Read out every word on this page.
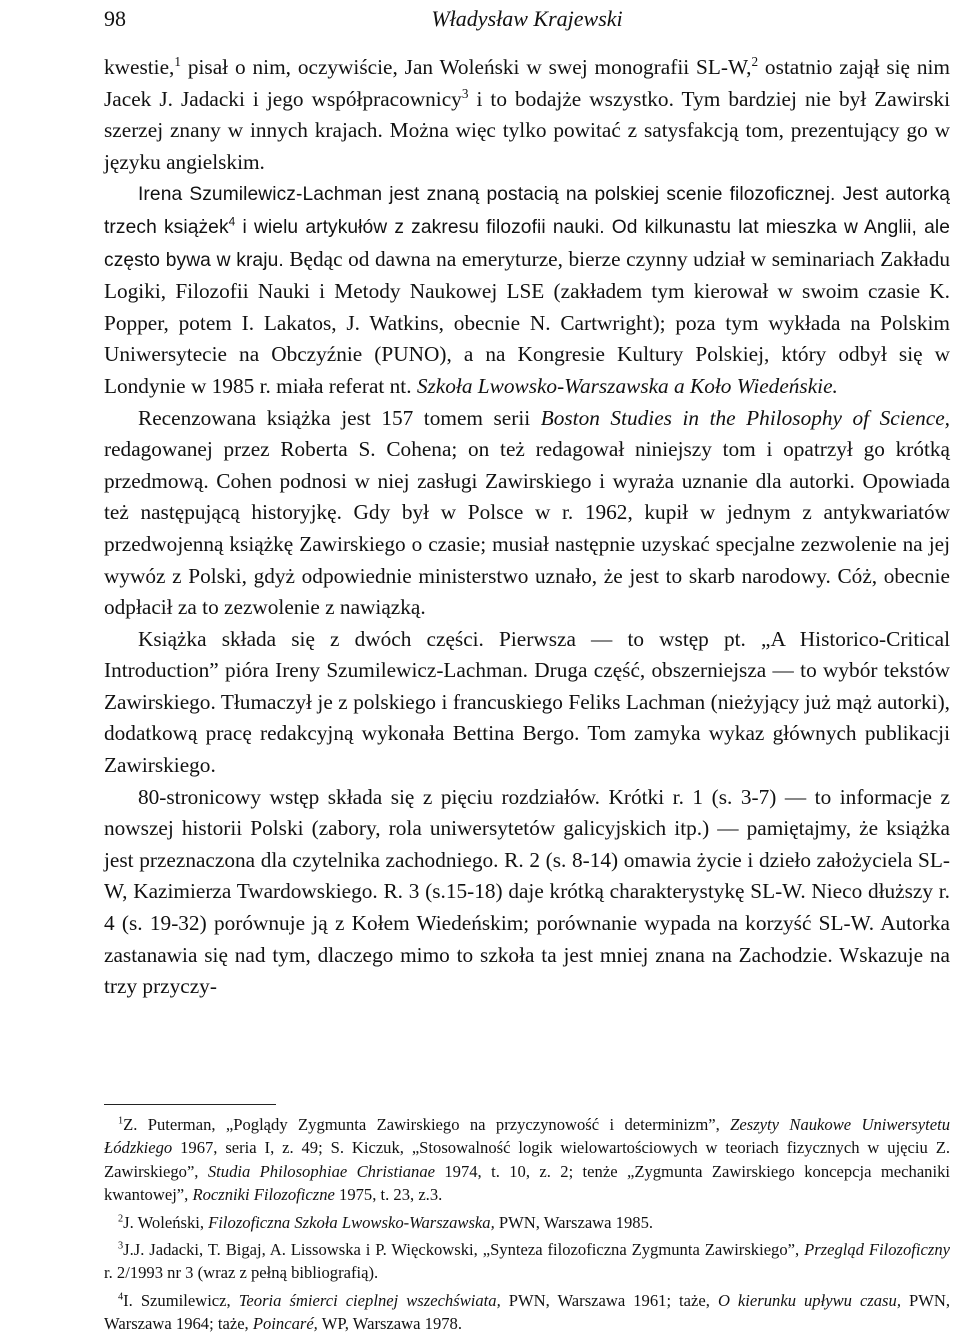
98	Władysław Krajewski

kwestie,$^1$ pisał o nim, oczywiście, Jan Woleński w swej monografii SL-W,$^2$ ostatnio zajął się nim Jacek J. Jadacki i jego współpracownicy$^3$ i to bodajże wszystko. Tym bardziej nie był Zawirski szerzej znany w innych krajach. Można więc tylko powitać z satysfakcją tom, prezentujący go w języku angielskim.

Irena Szumilewicz-Lachman jest znaną postacią na polskiej scenie filozoficznej. Jest autorką trzech książek$^4$ i wielu artykułów z zakresu filozofii nauki. Od kilkunastu lat mieszka w Anglii, ale często bywa w kraju. Będąc od dawna na emeryturze, bierze czynny udział w seminariach Zakładu Logiki, Filozofii Nauki i Metody Naukowej LSE (zakładem tym kierował w swoim czasie K. Popper, potem I. Lakatos, J. Watkins, obecnie N. Cartwright); poza tym wykłada na Polskim Uniwersytecie na Obczyźnie (PUNO), a na Kongresie Kultury Polskiej, który odbył się w Londynie w 1985 r. miała referat nt. Szkoła Lwowsko-Warszawska a Koło Wiedeńskie.

Recenzowana książka jest 157 tomem serii Boston Studies in the Philosophy of Science, redagowanej przez Roberta S. Cohena; on też redagował niniejszy tom i opatrzył go krótką przedmową. Cohen podnosi w niej zasługi Zawirskiego i wyraża uznanie dla autorki. Opowiada też następującą historyjkę. Gdy był w Polsce w r. 1962, kupił w jednym z antykwariatów przedwojenną książkę Zawirskiego o czasie; musiał następnie uzyskać specjalne zezwolenie na jej wywóz z Polski, gdyż odpowiednie ministerstwo uznało, że jest to skarb narodowy. Cóż, obecnie odpłacił za to zezwolenie z nawiązką.

Książka składa się z dwóch części. Pierwsza — to wstęp pt. „A Historico-Critical Introduction” pióra Ireny Szumilewicz-Lachman. Druga część, obszerniejsza — to wybór tekstów Zawirskiego. Tłumaczył je z polskiego i francuskiego Feliks Lachman (nieżyjący już mąż autorki), dodatkową pracę redakcyjną wykonała Bettina Bergo. Tom zamyka wykaz głównych publikacji Zawirskiego.

80-stronicowy wstęp składa się z pięciu rozdziałów. Krótki r. 1 (s. 3-7) — to informacje z nowszej historii Polski (zabory, rola uniwersytetów galicyjskich itp.) — pamiętajmy, że książka jest przeznaczona dla czytelnika zachodniego. R. 2 (s. 8-14) omawia życie i dzieło założyciela SL-W, Kazimierza Twardowskiego. R. 3 (s.15-18) daje krótką charakterystykę SL-W. Nieco dłuższy r. 4 (s. 19-32) porównuje ją z Kołem Wiedeńskim; porównanie wypada na korzyść SL-W. Autorka zastanawia się nad tym, dlaczego mimo to szkoła ta jest mniej znana na Zachodzie. Wskazuje na trzy przyczy-

$^1$Z. Puterman, „Poglądy Zygmunta Zawirskiego na przyczynowość i determinizm”, Zeszyty Naukowe Uniwersytetu Łódzkiego 1967, seria I, z. 49; S. Kiczuk, „Stosowalność logik wielowartościowych w teoriach fizycznych w ujęciu Z. Zawirskiego”, Studia Philosophiae Christianae 1974, t. 10, z. 2; tenże „Zygmunta Zawirskiego koncepcja mechaniki kwantowej”, Roczniki Filozoficzne 1975, t. 23, z.3.

$^2$J. Woleński, Filozoficzna Szkoła Lwowsko-Warszawska, PWN, Warszawa 1985.

$^3$J.J. Jadacki, T. Bigaj, A. Lissowska i P. Więckowski, „Synteza filozoficzna Zygmunta Zawirskiego”, Przegląd Filozoficzny r. 2/1993 nr 3 (wraz z pełną bibliografią).

$^4$I. Szumilewicz, Teoria śmierci cieplnej wszechświata, PWN, Warszawa 1961; taże, O kierunku upływu czasu, PWN, Warszawa 1964; taże, Poincaré, WP, Warszawa 1978.
